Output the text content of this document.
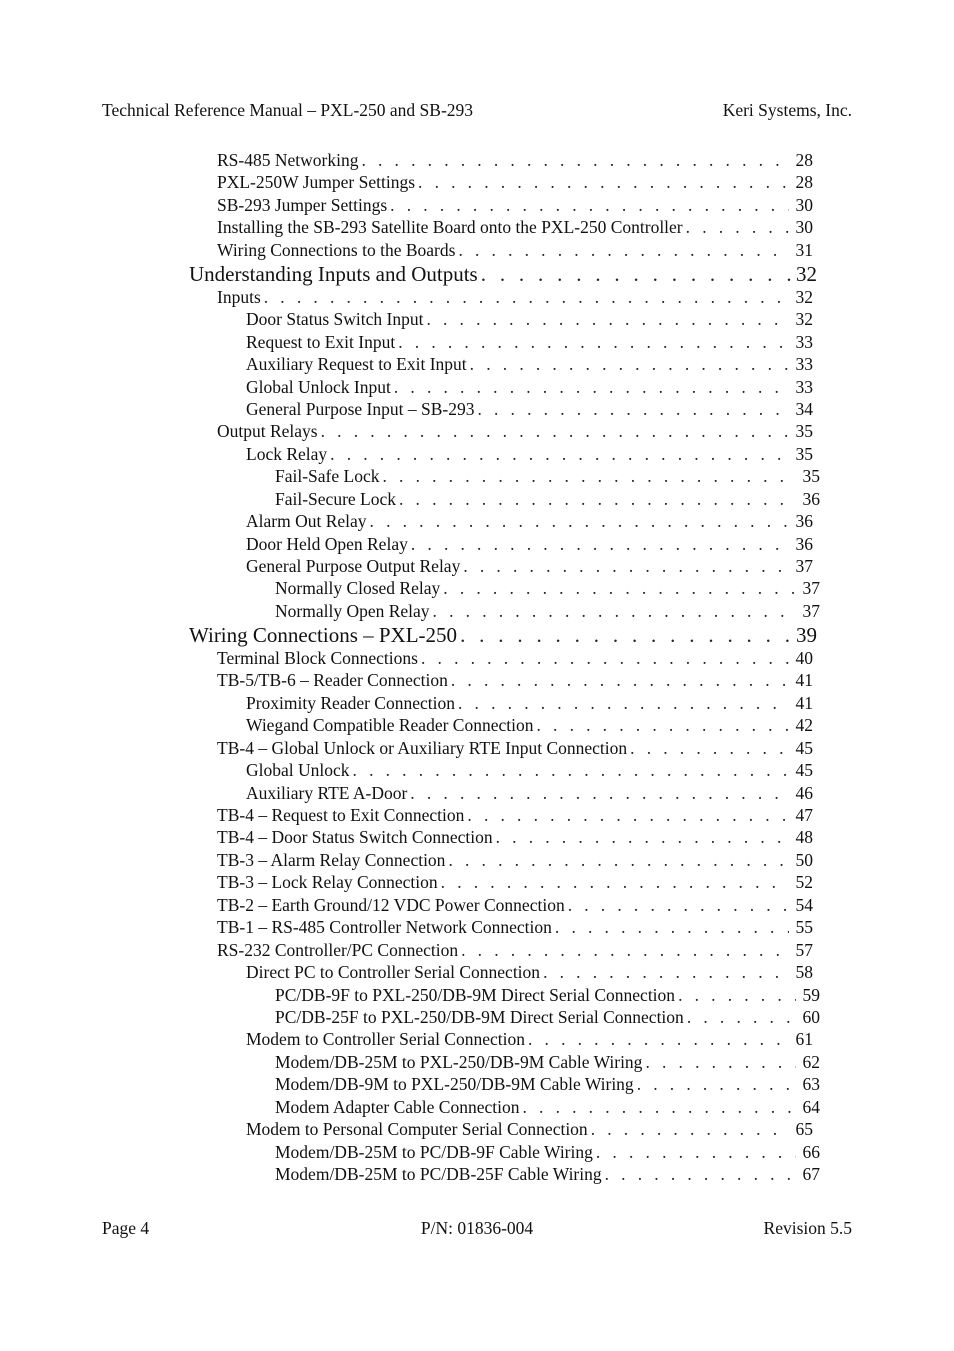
Technical Reference Manual – PXL-250 and SB-293	Keri Systems, Inc.
RS-485 Networking . . .	28
PXL-250W Jumper Settings . . .	28
SB-293 Jumper Settings . . .	30
Installing the SB-293 Satellite Board onto the PXL-250 Controller . . .	30
Wiring Connections to the Boards . . .	31
Understanding Inputs and Outputs . . .	32
Inputs . . .	32
Door Status Switch Input . . .	32
Request to Exit Input . . .	33
Auxiliary Request to Exit Input . . .	33
Global Unlock Input . . .	33
General Purpose Input – SB-293 . . .	34
Output Relays . . .	35
Lock Relay . . .	35
Fail-Safe Lock . . .	35
Fail-Secure Lock . . .	36
Alarm Out Relay . . .	36
Door Held Open Relay . . .	36
General Purpose Output Relay . . .	37
Normally Closed Relay . . .	37
Normally Open Relay . . .	37
Wiring Connections – PXL-250 . . .	39
Terminal Block Connections . . .	40
TB-5/TB-6 – Reader Connection . . .	41
Proximity Reader Connection . . .	41
Wiegand Compatible Reader Connection . . .	42
TB-4 – Global Unlock or Auxiliary RTE Input Connection . . .	45
Global Unlock . . .	45
Auxiliary RTE A-Door . . .	46
TB-4 – Request to Exit Connection . . .	47
TB-4 – Door Status Switch Connection . . .	48
TB-3 – Alarm Relay Connection . . .	50
TB-3 – Lock Relay Connection . . .	52
TB-2 – Earth Ground/12 VDC Power Connection . . .	54
TB-1 – RS-485 Controller Network Connection . . .	55
RS-232 Controller/PC Connection . . .	57
Direct PC to Controller Serial Connection . . .	58
PC/DB-9F to PXL-250/DB-9M Direct Serial Connection . . .	59
PC/DB-25F to PXL-250/DB-9M Direct Serial Connection . . .	60
Modem to Controller Serial Connection . . .	61
Modem/DB-25M to PXL-250/DB-9M Cable Wiring . . .	62
Modem/DB-9M to PXL-250/DB-9M Cable Wiring . . .	63
Modem Adapter Cable Connection . . .	64
Modem to Personal Computer Serial Connection . . .	65
Modem/DB-25M to PC/DB-9F Cable Wiring . . .	66
Modem/DB-25M to PC/DB-25F Cable Wiring . . .	67
Page 4	P/N: 01836-004	Revision 5.5
